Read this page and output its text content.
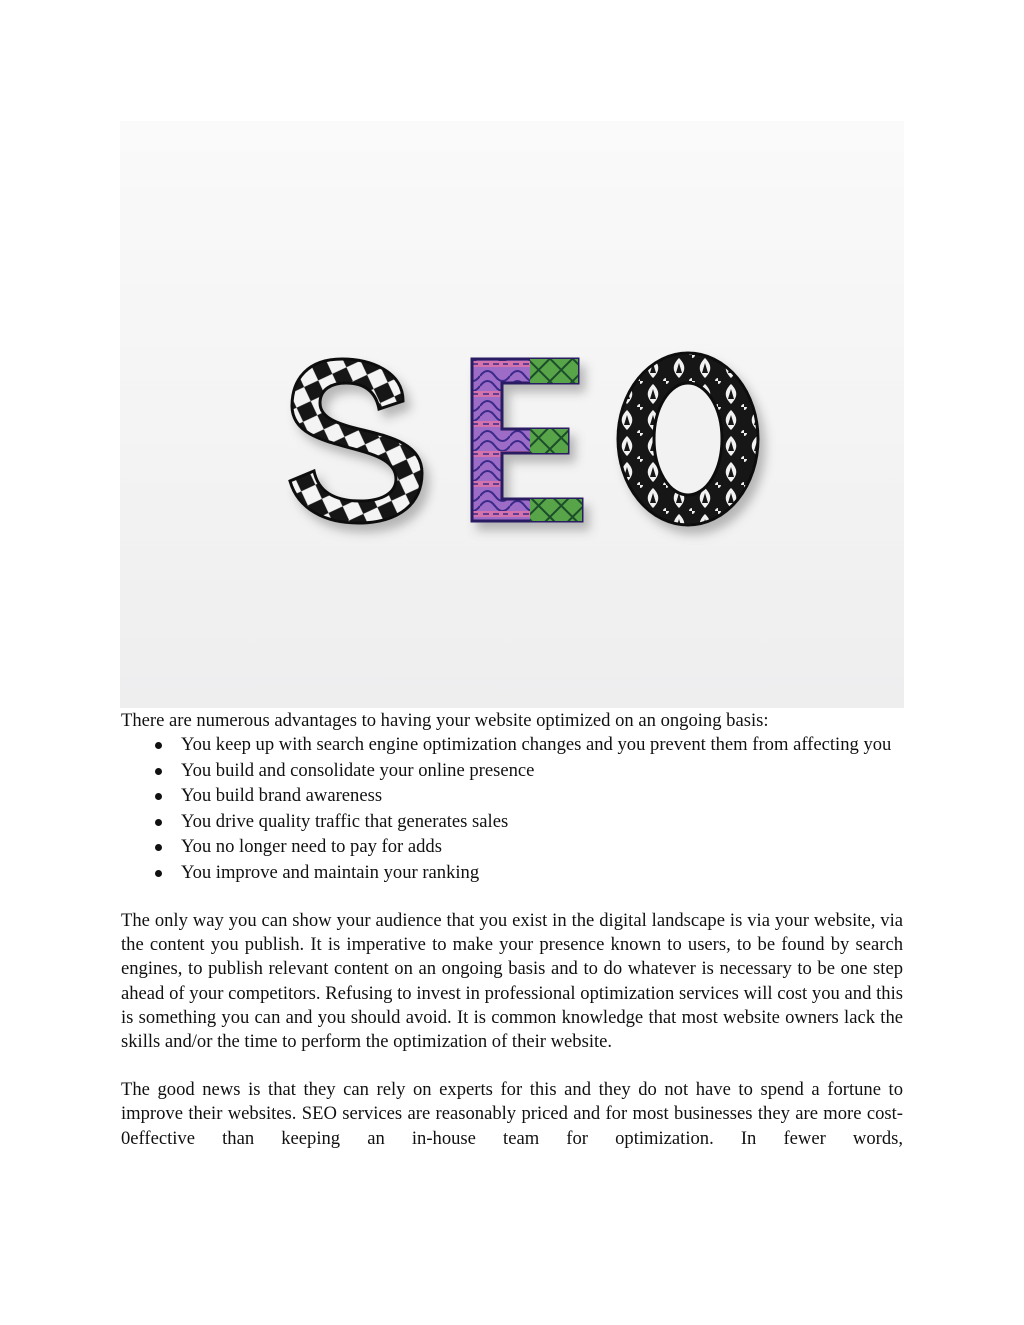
There are numerous advantages to having your website optimized on an ongoing basis:

You keep up with search engine optimization changes and you prevent them from affecting you
You build and consolidate your online presence
You build brand awareness
You drive quality traffic that generates sales
You no longer need to pay for adds
You improve and maintain your ranking

The only way you can show your audience that you exist in the digital landscape is via your website, via the content you publish. It is imperative to make your presence known to users, to be found by search engines, to publish relevant content on an ongoing basis and to do whatever is necessary to be one step ahead of your competitors. Refusing to invest in professional optimization services will cost you and this is something you can and you should avoid. It is common knowledge that most website owners lack the skills and/or the time to perform the optimization of their website.

The good news is that they can rely on experts for this and they do not have to spend a fortune to improve their websites. SEO services are reasonably priced and for most businesses they are more cost-0effective than keeping an in-house team for optimization. In fewer words,
